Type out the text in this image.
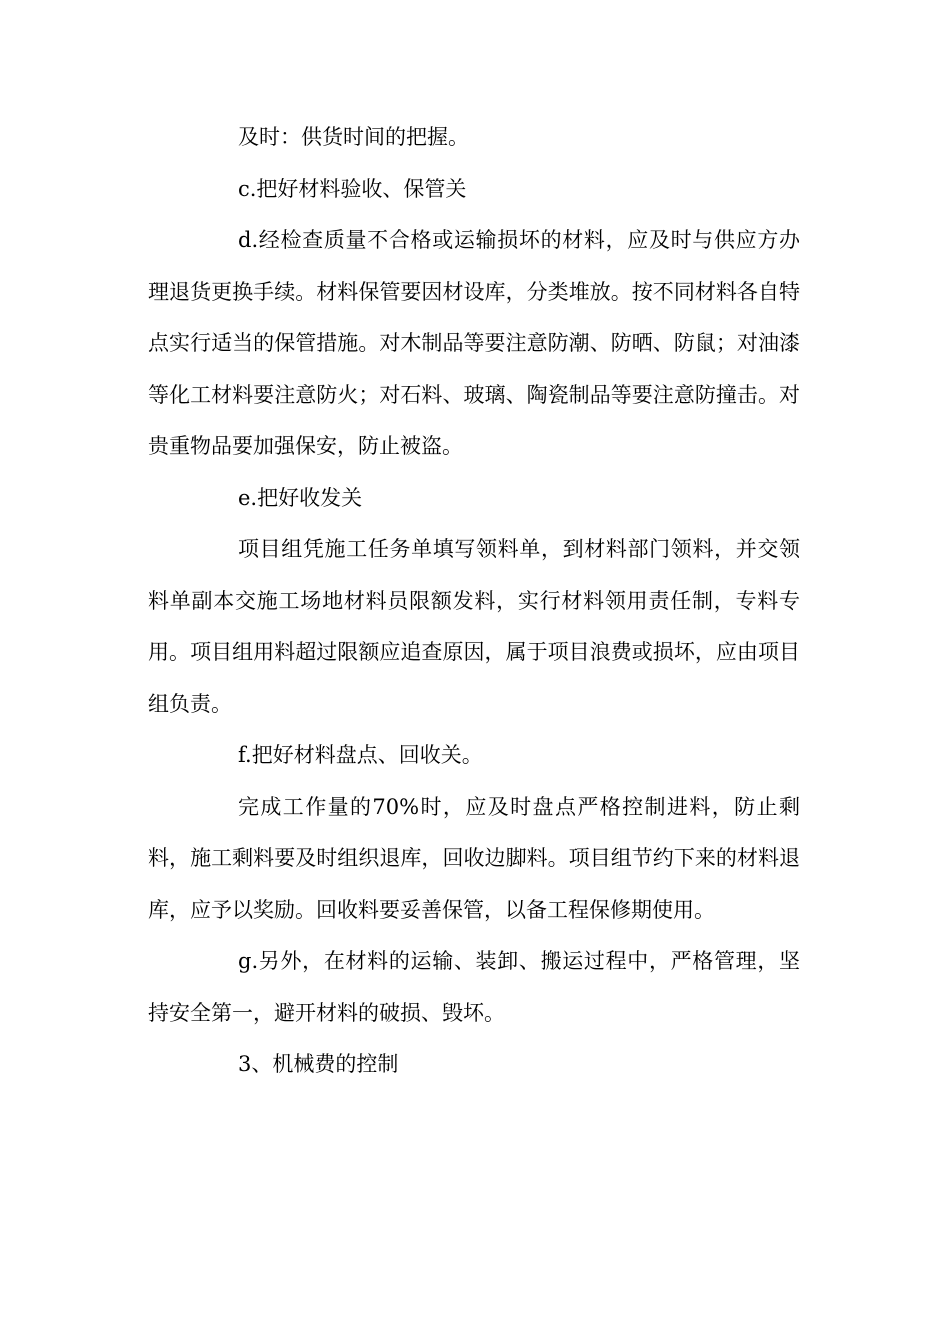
及时：供货时间的把握。

c.把好材料验收、保管关

d.经检查质量不合格或运输损坏的材料，应及时与供应方办理退货更换手续。材料保管要因材设库，分类堆放。按不同材料各自特点实行适当的保管措施。对木制品等要注意防潮、防晒、防鼠；对油漆等化工材料要注意防火；对石料、玻璃、陶瓷制品等要注意防撞击。对贵重物品要加强保安，防止被盗。

e.把好收发关

项目组凭施工任务单填写领料单，到材料部门领料，并交领料单副本交施工场地材料员限额发料，实行材料领用责任制，专料专用。项目组用料超过限额应追查原因，属于项目浪费或损坏，应由项目组负责。

f.把好材料盘点、回收关。

完成工作量的70%时，应及时盘点严格控制进料，防止剩料，施工剩料要及时组织退库，回收边脚料。项目组节约下来的材料退库，应予以奖励。回收料要妥善保管，以备工程保修期使用。

g.另外，在材料的运输、装卸、搬运过程中，严格管理，坚持安全第一，避开材料的破损、毁坏。

3、机械费的控制
